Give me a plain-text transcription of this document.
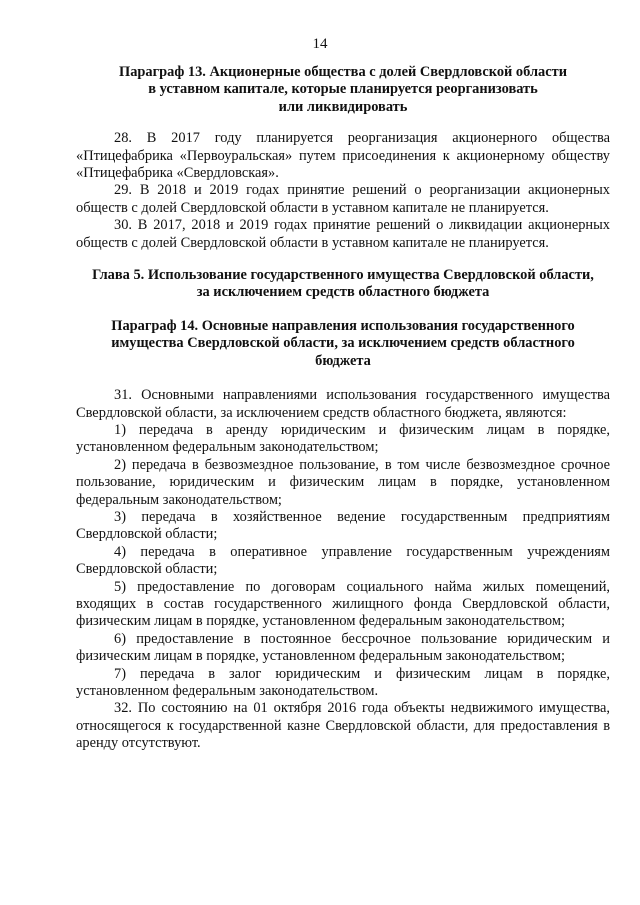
14
Параграф 13. Акционерные общества с долей Свердловской области
в уставном капитале, которые планируется реорганизовать
или ликвидировать

28. В 2017 году планируется реорганизация акционерного общества «Птицефабрика «Первоуральская» путем присоединения к акционерному обществу «Птицефабрика «Свердловская».

29. В 2018 и 2019 годах принятие решений о реорганизации акционерных обществ с долей Свердловской области в уставном капитале не планируется.

30. В 2017, 2018 и 2019 годах принятие решений о ликвидации акционерных обществ с долей Свердловской области в уставном капитале не планируется.

Глава 5. Использование государственного имущества Свердловской области,
за исключением средств областного бюджета
Параграф 14. Основные направления использования государственного
имущества Свердловской области, за исключением средств областного
бюджета

31. Основными направлениями использования государственного имущества Свердловской области, за исключением средств областного бюджета, являются:

1) передача в аренду юридическим и физическим лицам в порядке, установленном федеральным законодательством;

2) передача в безвозмездное пользование, в том числе безвозмездное срочное пользование, юридическим и физическим лицам в порядке, установленном федеральным законодательством;

3) передача в хозяйственное ведение государственным предприятиям Свердловской области;

4) передача в оперативное управление государственным учреждениям Свердловской области;

5) предоставление по договорам социального найма жилых помещений, входящих в состав государственного жилищного фонда Свердловской области, физическим лицам в порядке, установленном федеральным законодательством;

6) предоставление в постоянное бессрочное пользование юридическим и физическим лицам в порядке, установленном федеральным законодательством;

7) передача в залог юридическим и физическим лицам в порядке, установленном федеральным законодательством.

32. По состоянию на 01 октября 2016 года объекты недвижимого имущества, относящегося к государственной казне Свердловской области, для предоставления в аренду отсутствуют.
